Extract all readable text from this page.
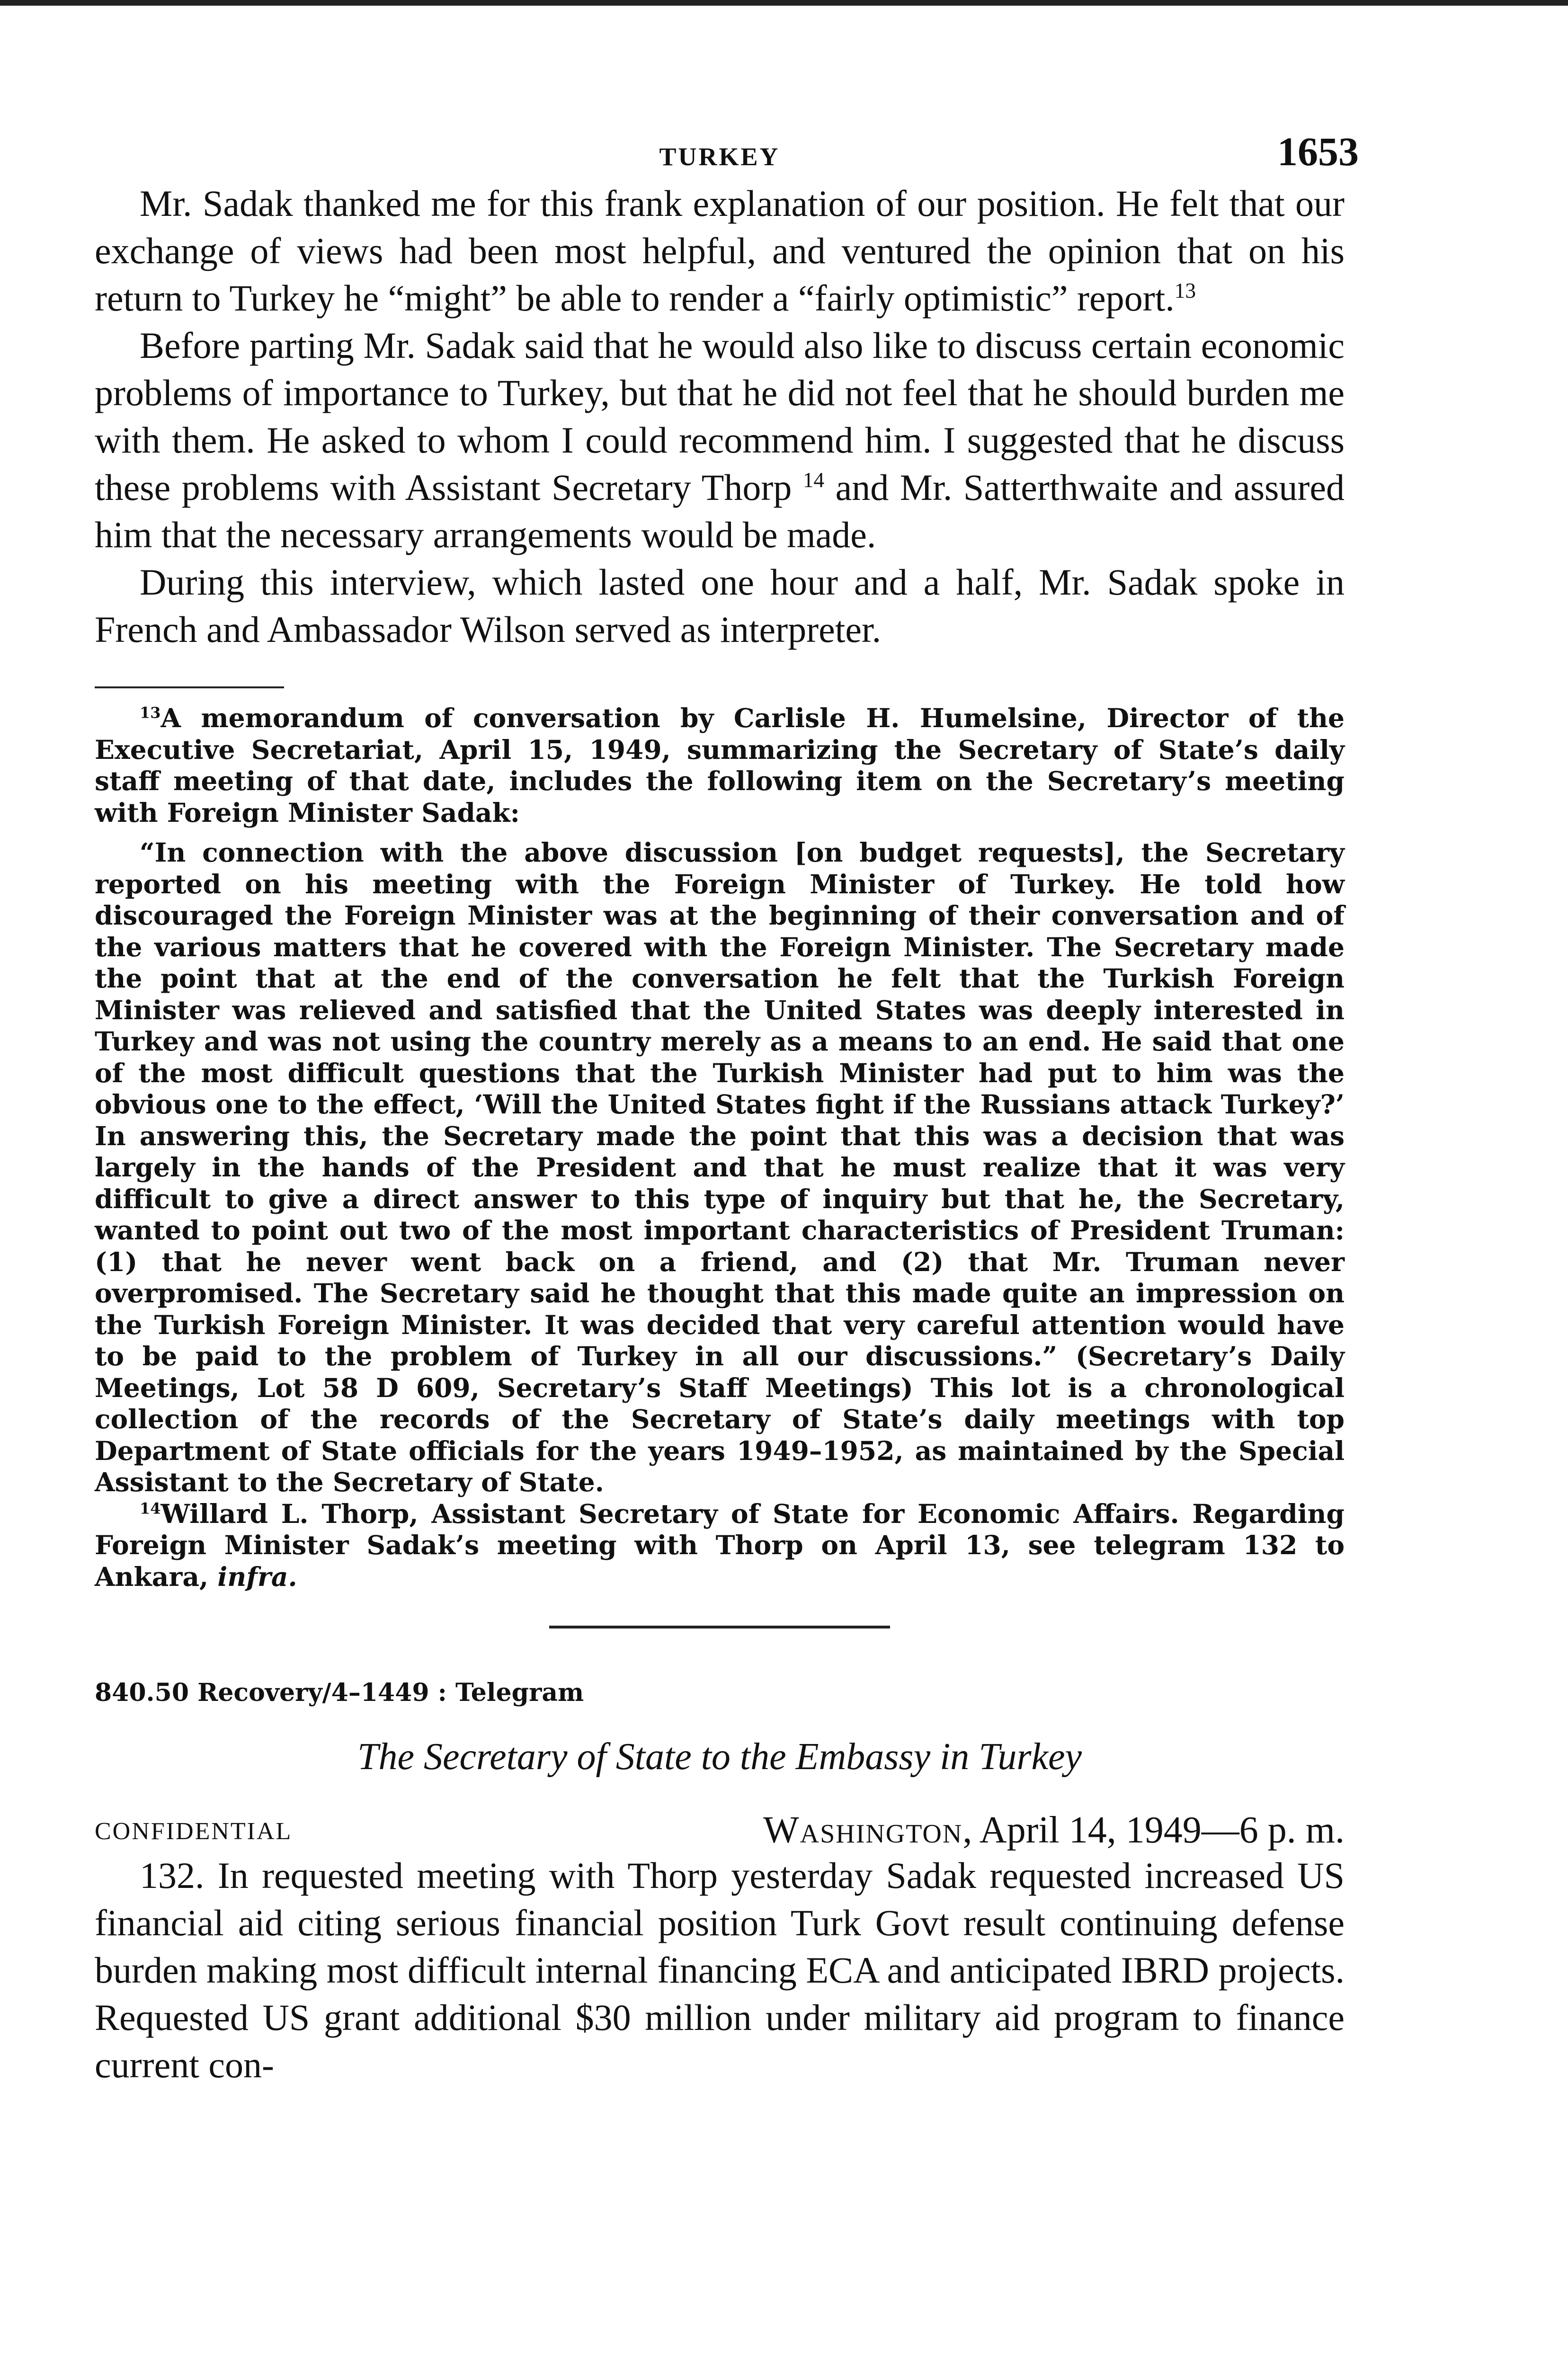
TURKEY	1653

Mr. Sadak thanked me for this frank explanation of our position. He felt that our exchange of views had been most helpful, and ventured the opinion that on his return to Turkey he “might” be able to render a “fairly optimistic” report.$^{13}$

Before parting Mr. Sadak said that he would also like to discuss certain economic problems of importance to Turkey, but that he did not feel that he should burden me with them. He asked to whom I could recommend him. I suggested that he discuss these problems with Assistant Secretary Thorp $^{14}$ and Mr. Satterthwaite and assured him that the necessary arrangements would be made.

During this interview, which lasted one hour and a half, Mr. Sadak spoke in French and Ambassador Wilson served as interpreter.

$^{13}$A memorandum of conversation by Carlisle H. Humelsine, Director of the Executive Secretariat, April 15, 1949, summarizing the Secretary of State’s daily staff meeting of that date, includes the following item on the Secretary’s meeting with Foreign Minister Sadak:

“In connection with the above discussion [on budget requests], the Secretary reported on his meeting with the Foreign Minister of Turkey. He told how discouraged the Foreign Minister was at the beginning of their conversation and of the various matters that he covered with the Foreign Minister. The Secretary made the point that at the end of the conversation he felt that the Turkish Foreign Minister was relieved and satisfied that the United States was deeply interested in Turkey and was not using the country merely as a means to an end. He said that one of the most difficult questions that the Turkish Minister had put to him was the obvious one to the effect, ‘Will the United States fight if the Russians attack Turkey?’ In answering this, the Secretary made the point that this was a decision that was largely in the hands of the President and that he must realize that it was very difficult to give a direct answer to this type of inquiry but that he, the Secretary, wanted to point out two of the most important characteristics of President Truman: (1) that he never went back on a friend, and (2) that Mr. Truman never overpromised. The Secretary said he thought that this made quite an impression on the Turkish Foreign Minister. It was decided that very careful attention would have to be paid to the problem of Turkey in all our discussions.” (Secretary’s Daily Meetings, Lot 58 D 609, Secretary’s Staff Meetings) This lot is a chronological collection of the records of the Secretary of State’s daily meetings with top Department of State officials for the years 1949–1952, as maintained by the Special Assistant to the Secretary of State.

$^{14}$Willard L. Thorp, Assistant Secretary of State for Economic Affairs. Regarding Foreign Minister Sadak’s meeting with Thorp on April 13, see telegram 132 to Ankara, infra.

840.50 Recovery/4–1449 : Telegram
The Secretary of State to the Embassy in Turkey
CONFIDENTIAL	Washington, April 14, 1949—6 p. m.

132. In requested meeting with Thorp yesterday Sadak requested increased US financial aid citing serious financial position Turk Govt result continuing defense burden making most difficult internal financing ECA and anticipated IBRD projects. Requested US grant additional $30 million under military aid program to finance current con-
